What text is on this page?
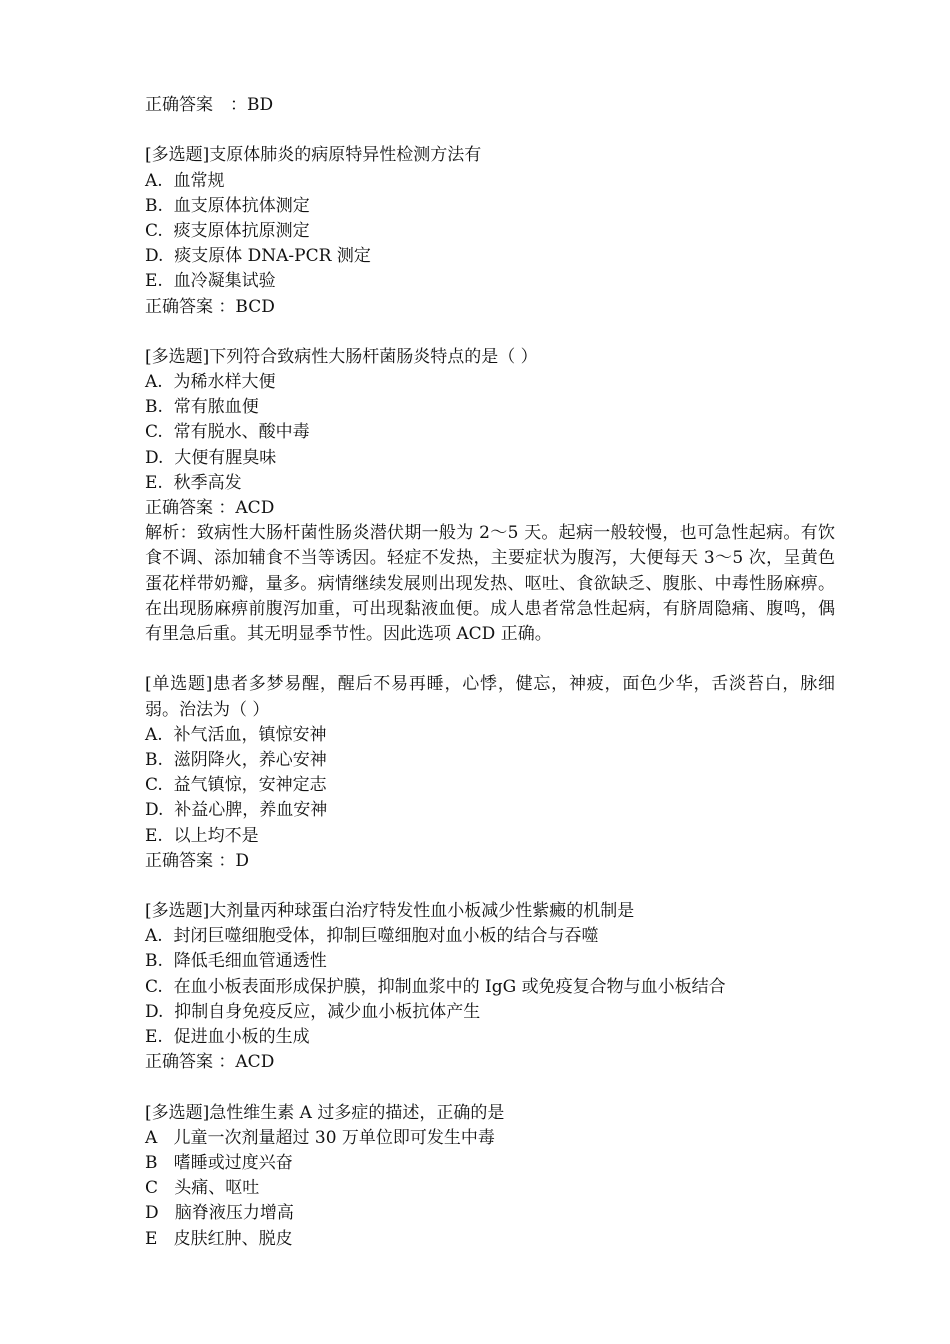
正确答案　：BD
[多选题]支原体肺炎的病原特异性检测方法有
A.  血常规
B.  血支原体抗体测定
C.  痰支原体抗原测定
D.  痰支原体 DNA-PCR 测定
E.  血冷凝集试验
正确答案 ：BCD
[多选题]下列符合致病性大肠杆菌肠炎特点的是（ ）
A.  为稀水样大便
B.  常有脓血便
C.  常有脱水、酸中毒
D.  大便有腥臭味
E.  秋季高发
正确答案 ：ACD
解析：致病性大肠杆菌性肠炎潜伏期一般为 2～5 天。起病一般较慢，也可急性起病。有饮食不调、添加辅食不当等诱因。轻症不发热，主要症状为腹泻，大便每天 3～5 次，呈黄色蛋花样带奶瓣，量多。病情继续发展则出现发热、呕吐、食欲缺乏、腹胀、中毒性肠麻痹。在出现肠麻痹前腹泻加重，可出现黏液血便。成人患者常急性起病，有脐周隐痛、腹鸣，偶有里急后重。其无明显季节性。因此选项 ACD 正确。
[单选题]患者多梦易醒，醒后不易再睡，心悸，健忘，神疲，面色少华，舌淡苔白，脉细弱。治法为（ ）
A.  补气活血，镇惊安神
B.  滋阴降火，养心安神
C.  益气镇惊，安神定志
D.  补益心脾，养血安神
E.  以上均不是
正确答案 ：D
[多选题]大剂量丙种球蛋白治疗特发性血小板减少性紫癜的机制是
A.  封闭巨噬细胞受体，抑制巨噬细胞对血小板的结合与吞噬
B.  降低毛细血管通透性
C.  在血小板表面形成保护膜，抑制血浆中的 IgG 或免疫复合物与血小板结合
D.  抑制自身免疫反应，减少血小板抗体产生
E.  促进血小板的生成
正确答案 ：ACD
[多选题]急性维生素 A 过多症的描述，正确的是
A   儿童一次剂量超过 30 万单位即可发生中毒
B   嗜睡或过度兴奋
C   头痛、呕吐
D   脑脊液压力增高
E   皮肤红肿、脱皮
